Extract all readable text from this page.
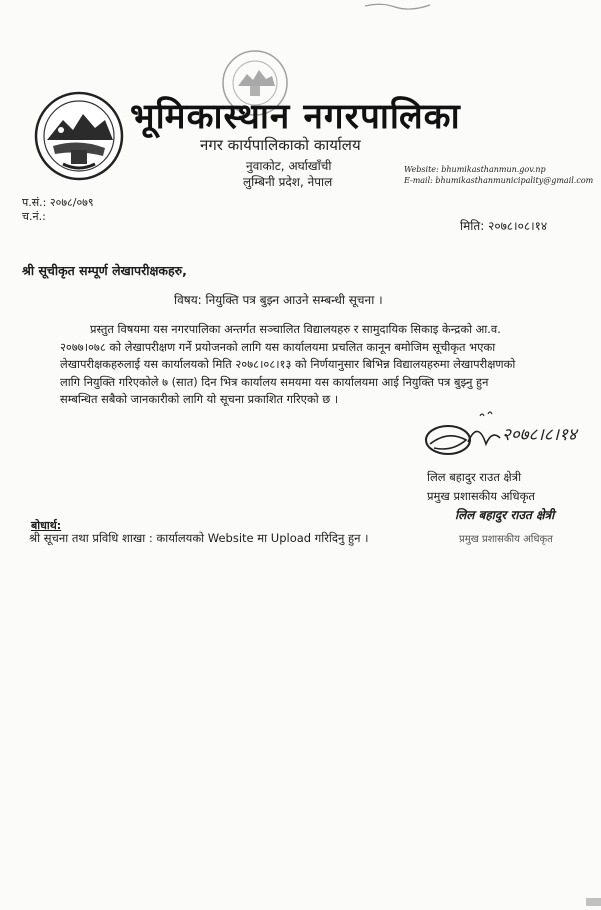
भूमिकास्थान नगरपालिका
नगर कार्यपालिकाको कार्यालय
नुवाकोट, अर्घाखाँची
लुम्बिनी प्रदेश, नेपाल
Website: bhumikasthanmun.gov.np
E-mail: bhumikasthanmunicipality@gmail.com
प.सं.: २०७८/०७९
च.नं.:
मिति: २०७८।०८।१४
श्री सूचीकृत सम्पूर्ण लेखापरीक्षकहरु,
विषय: नियुक्ति पत्र बुझ्न आउने सम्बन्धी सूचना ।
प्रस्तुत विषयमा यस नगरपालिका अन्तर्गत सञ्चालित विद्यालयहरु र सामुदायिक सिकाइ केन्द्रको आ.व.
२०७७।०७८ को लेखापरीक्षण गर्ने प्रयोजनको लागि यस कार्यालयमा प्रचलित कानून बमोजिम सूचीकृत भएका
लेखापरीक्षकहरुलाई यस कार्यालयको मिति २०७८।०८।१३ को निर्णयानुसार बिभिन्न विद्यालयहरुमा लेखापरीक्षणको
लागि नियुक्ति गरिएकोले ७ (सात) दिन भित्र कार्यालय समयमा यस कार्यालयमा आई नियुक्ति पत्र बुझ्नु हुन
सम्बन्धित सबैको जानकारीको लागि यो सूचना प्रकाशित गरिएको छ ।
२०७८।८।१४
लिल बहादुर राउत क्षेत्री
प्रमुख प्रशासकीय अधिकृत
लिल बहादुर राउत क्षेत्री
प्रमुख प्रशासकीय अधिकृत
बोधार्थ:
श्री सूचना तथा प्रविधि शाखा : कार्यालयको Website मा Upload गरिदिनु हुन ।
